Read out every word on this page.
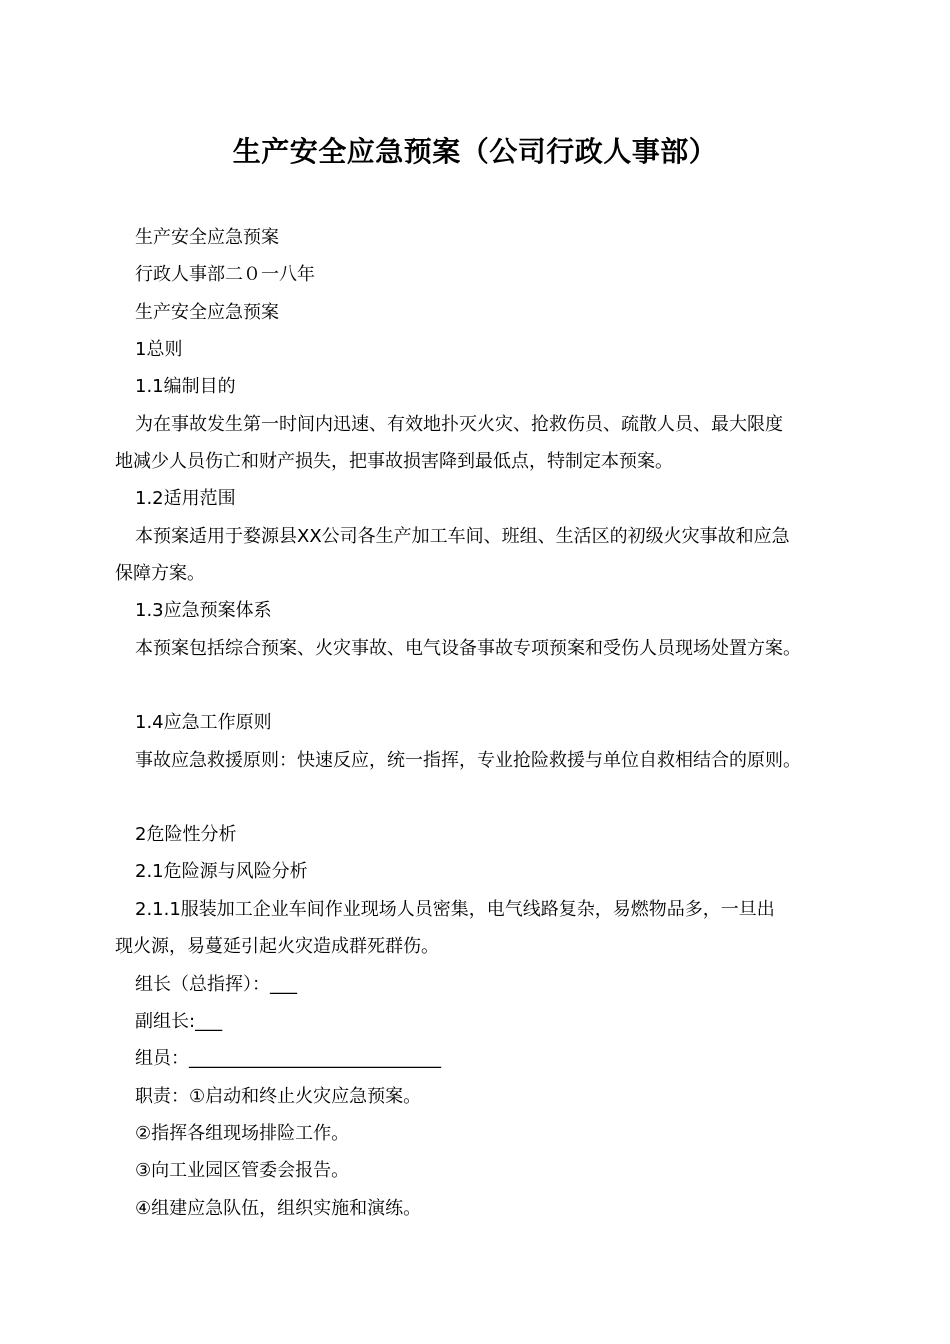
生产安全应急预案（公司行政人事部）
生产安全应急预案
行政人事部二０一八年
生产安全应急预案
1总则
1.1编制目的
为在事故发生第一时间内迅速、有效地扑灭火灾、抢救伤员、疏散人员、最大限度
地减少人员伤亡和财产损失，把事故损害降到最低点，特制定本预案。
1.2适用范围
本预案适用于婺源县XX公司各生产加工车间、班组、生活区的初级火灾事故和应急
保障方案。
1.3应急预案体系
本预案包括综合预案、火灾事故、电气设备事故专项预案和受伤人员现场处置方案。
1.4应急工作原则
事故应急救援原则：快速反应，统一指挥，专业抢险救援与单位自救相结合的原则。
2危险性分析
2.1危险源与风险分析
2.1.1服装加工企业车间作业现场人员密集，电气线路复杂，易燃物品多，一旦出
现火源，易蔓延引起火灾造成群死群伤。
组长（总指挥）：___
副组长:___
组员：____________________________
职责：①启动和终止火灾应急预案。
②指挥各组现场排险工作。
③向工业园区管委会报告。
④组建应急队伍，组织实施和演练。
